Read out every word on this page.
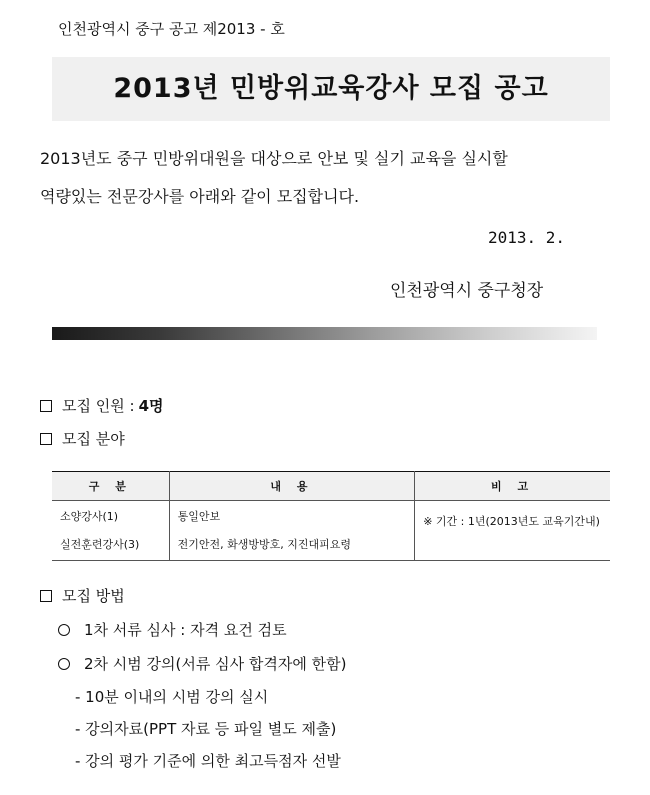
인천광역시 중구 공고 제2013 - 호
2013년 민방위교육강사 모집 공고
2013년도 중구 민방위대원을 대상으로 안보 및 실기 교육을 실시할
역량있는 전문강사를 아래와 같이 모집합니다.
2013. 2.
인천광역시 중구청장
모집 인원 : 4명
모집 분야
구 분	내 용	비 고
소양강사(1)	통일안보	※ 기간 : 1년(2013년도 교육기간내)
실전훈련강사(3)	전기안전, 화생방방호, 지진대피요령	
모집 방법
1차 서류 심사 : 자격 요건 검토
2차 시범 강의(서류 심사 합격자에 한함)
- 10분 이내의 시범 강의 실시
- 강의자료(PPT 자료 등 파일 별도 제출)
- 강의 평가 기준에 의한 최고득점자 선발
